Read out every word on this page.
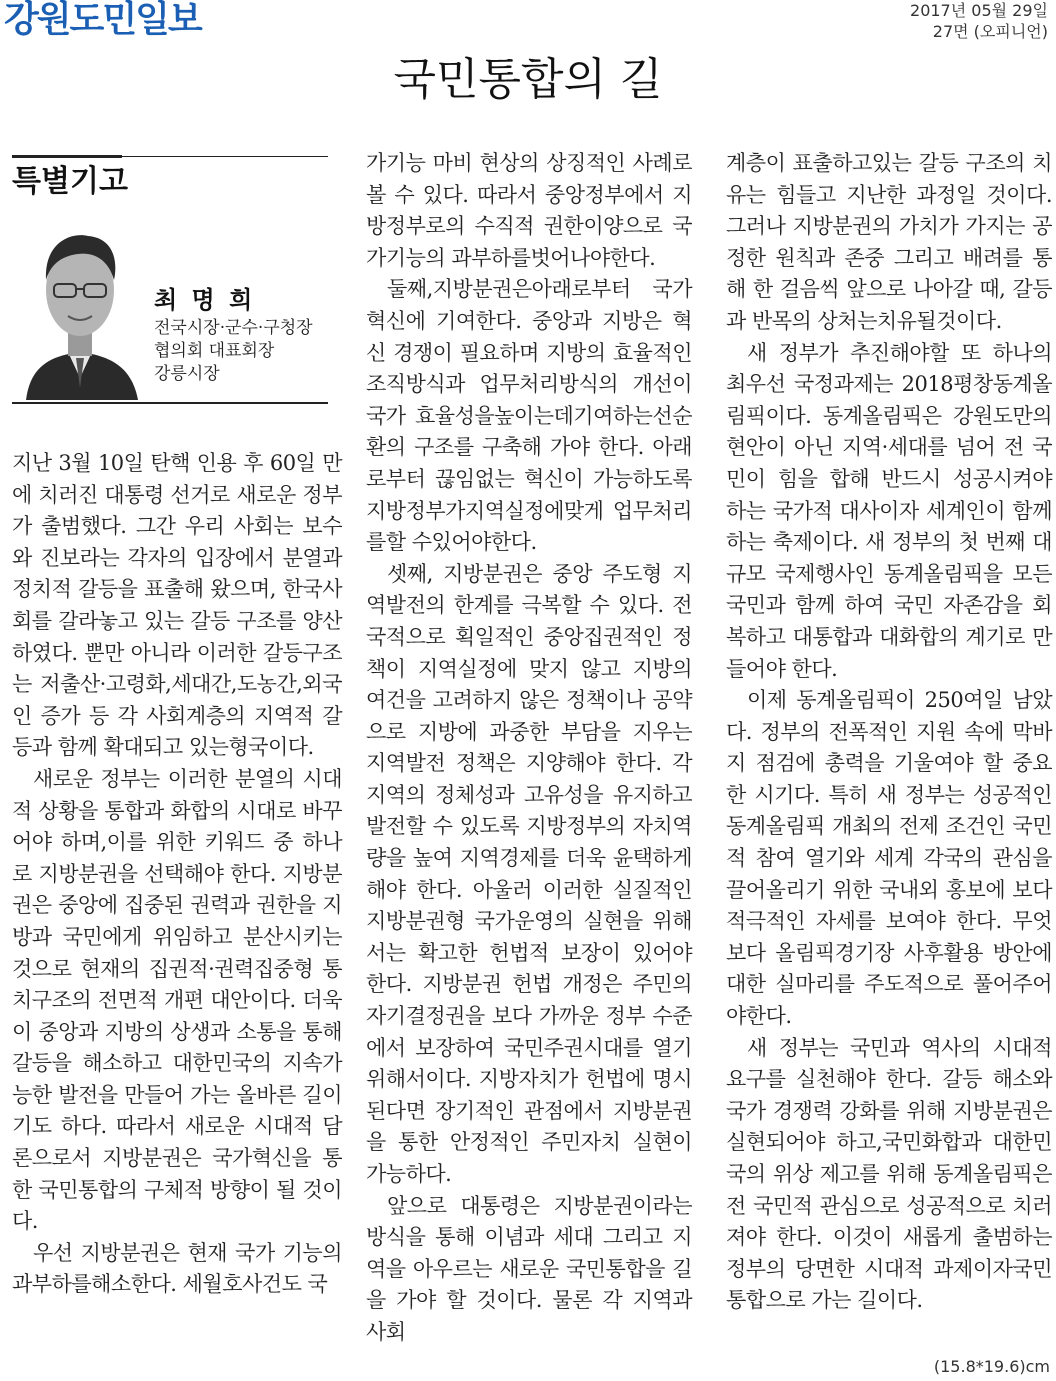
강원도민일보	2017년 05월 29일
27면 (오피니언)
국민통합의 길
특별기고
최 명 희
전국시장·군수·구청장
협의회 대표회장
강릉시장

지난 3월 10일 탄핵 인용 후 60일 만에 치러진 대통령 선거로 새로운 정부가 출범했다. 그간 우리 사회는 보수와 진보라는 각자의 입장에서 분열과 정치적 갈등을 표출해 왔으며, 한국사회를 갈라놓고 있는 갈등 구조를 양산하였다. 뿐만 아니라 이러한 갈등구조는 저출산·고령화,세대간,도농간,외국인 증가 등 각 사회계층의 지역적 갈등과 함께 확대되고 있는형국이다.

새로운 정부는 이러한 분열의 시대적 상황을 통합과 화합의 시대로 바꾸어야 하며,이를 위한 키워드 중 하나로 지방분권을 선택해야 한다. 지방분권은 중앙에 집중된 권력과 권한을 지방과 국민에게 위임하고 분산시키는 것으로 현재의 집권적·권력집중형 통치구조의 전면적 개편 대안이다. 더욱이 중앙과 지방의 상생과 소통을 통해 갈등을 해소하고 대한민국의 지속가능한 발전을 만들어 가는 올바른 길이기도 하다. 따라서 새로운 시대적 담론으로서 지방분권은 국가혁신을 통한 국민통합의 구체적 방향이 될 것이다.

우선 지방분권은 현재 국가 기능의 과부하를해소한다. 세월호사건도 국

가기능 마비 현상의 상징적인 사례로 볼 수 있다. 따라서 중앙정부에서 지방정부로의 수직적 권한이양으로 국가기능의 과부하를벗어나야한다.

둘째,지방분권은아래로부터 국가혁신에 기여한다. 중앙과 지방은 혁신 경쟁이 필요하며 지방의 효율적인 조직방식과 업무처리방식의 개선이 국가 효율성을높이는데기여하는선순환의 구조를 구축해 가야 한다. 아래로부터 끊임없는 혁신이 가능하도록 지방정부가지역실정에맞게 업무처리를할 수있어야한다.

셋째, 지방분권은 중앙 주도형 지역발전의 한계를 극복할 수 있다. 전국적으로 획일적인 중앙집권적인 정책이 지역실정에 맞지 않고 지방의 여건을 고려하지 않은 정책이나 공약으로 지방에 과중한 부담을 지우는 지역발전 정책은 지양해야 한다. 각 지역의 정체성과 고유성을 유지하고 발전할 수 있도록 지방정부의 자치역량을 높여 지역경제를 더욱 윤택하게 해야 한다. 아울러 이러한 실질적인 지방분권형 국가운영의 실현을 위해서는 확고한 헌법적 보장이 있어야 한다. 지방분권 헌법 개정은 주민의 자기결정권을 보다 가까운 정부 수준에서 보장하여 국민주권시대를 열기 위해서이다. 지방자치가 헌법에 명시된다면 장기적인 관점에서 지방분권을 통한 안정적인 주민자치 실현이 가능하다.

앞으로 대통령은 지방분권이라는 방식을 통해 이념과 세대 그리고 지역을 아우르는 새로운 국민통합을 길을 가야 할 것이다. 물론 각 지역과 사회

계층이 표출하고있는 갈등 구조의 치유는 힘들고 지난한 과정일 것이다. 그러나 지방분권의 가치가 가지는 공정한 원칙과 존중 그리고 배려를 통해 한 걸음씩 앞으로 나아갈 때, 갈등과 반목의 상처는치유될것이다.

새 정부가 추진해야할 또 하나의 최우선 국정과제는 2018평창동계올림픽이다. 동계올림픽은 강원도만의 현안이 아닌 지역·세대를 넘어 전 국민이 힘을 합해 반드시 성공시켜야 하는 국가적 대사이자 세계인이 함께하는 축제이다. 새 정부의 첫 번째 대규모 국제행사인 동계올림픽을 모든 국민과 함께 하여 국민 자존감을 회복하고 대통합과 대화합의 계기로 만들어야 한다.

이제 동계올림픽이 250여일 남았다. 정부의 전폭적인 지원 속에 막바지 점검에 총력을 기울여야 할 중요한 시기다. 특히 새 정부는 성공적인 동계올림픽 개최의 전제 조건인 국민적 참여 열기와 세계 각국의 관심을 끌어올리기 위한 국내외 홍보에 보다 적극적인 자세를 보여야 한다. 무엇보다 올림픽경기장 사후활용 방안에 대한 실마리를 주도적으로 풀어주어야한다.

새 정부는 국민과 역사의 시대적 요구를 실천해야 한다. 갈등 해소와 국가 경쟁력 강화를 위해 지방분권은 실현되어야 하고,국민화합과 대한민국의 위상 제고를 위해 동계올림픽은 전 국민적 관심으로 성공적으로 치러져야 한다. 이것이 새롭게 출범하는 정부의 당면한 시대적 과제이자국민통합으로 가는 길이다.

(15.8*19.6)cm
